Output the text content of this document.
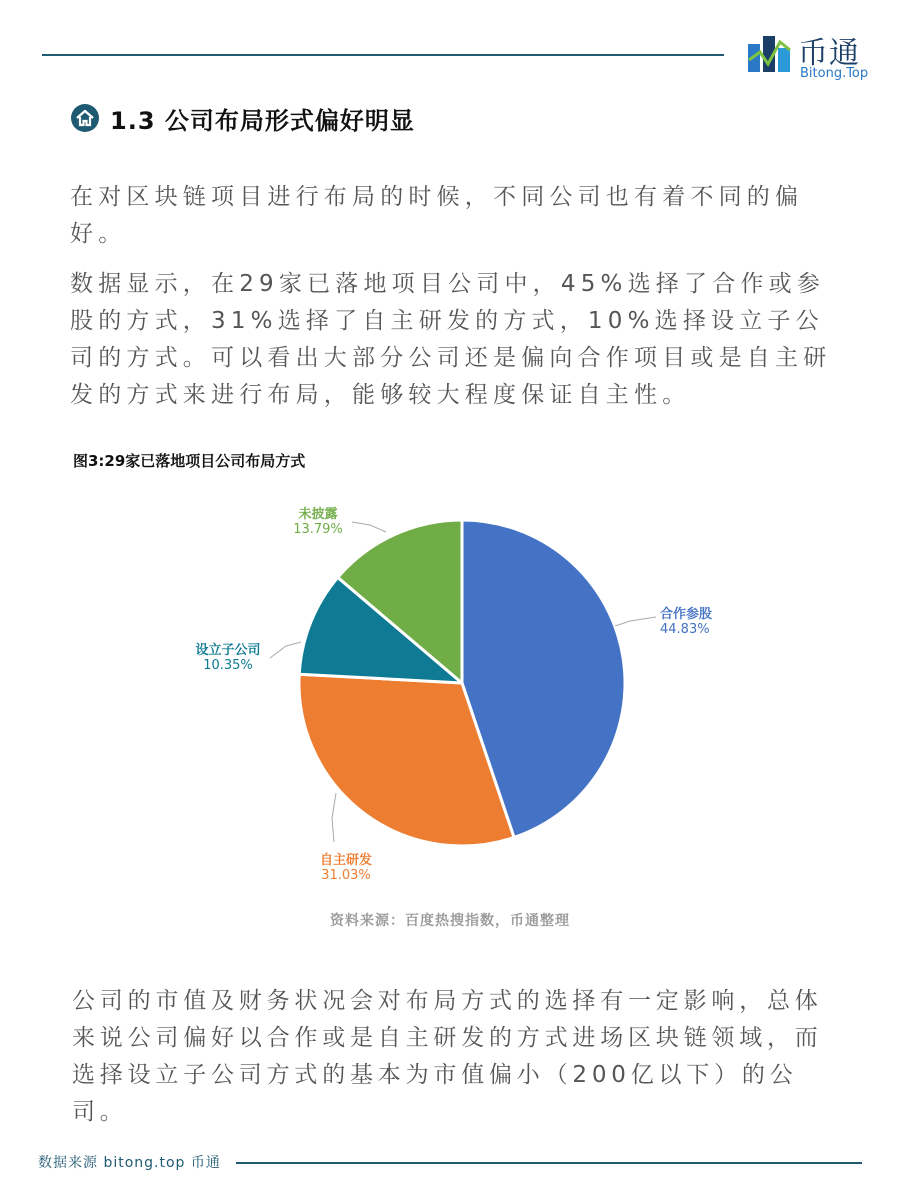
币通
Bitong.Top
1.3 公司布局形式偏好明显

在对区块链项目进行布局的时候，不同公司也有着不同的偏好。

数据显示，在29家已落地项目公司中，45%选择了合作或参股的方式，31%选择了自主研发的方式，10%选择设立子公司的方式。可以看出大部分公司还是偏向合作项目或是自主研发的方式来进行布局，能够较大程度保证自主性。

图3:29家已落地项目公司布局方式
合作参股
44.83%
自主研发
31.03%
设立子公司
10.35%
未披露
13.79%
资料来源：百度热搜指数，币通整理

公司的市值及财务状况会对布局方式的选择有一定影响，总体来说公司偏好以合作或是自主研发的方式进场区块链领域，而选择设立子公司方式的基本为市值偏小（200亿以下）的公司。

数据来源 bitong.top 币通
